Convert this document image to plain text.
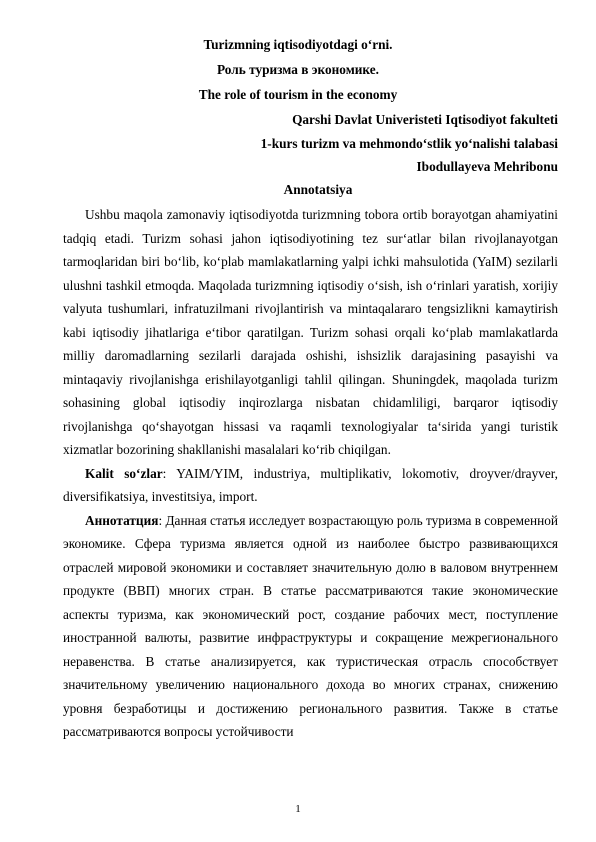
Turizmning iqtisodiyotdagi oʻrni.
Роль туризма в экономике.
The role of tourism in the economy
Qarshi Davlat Univeristeti Iqtisodiyot fakulteti
1-kurs turizm va mehmondoʻstlik yoʻnalishi talabasi
Ibodullayeva Mehribonu
Annotatsiya

Ushbu maqola zamonaviy iqtisodiyotda turizmning tobora ortib borayotgan ahamiyatini tadqiq etadi. Turizm sohasi jahon iqtisodiyotining tez surʻatlar bilan rivojlanayotgan tarmoqlaridan biri boʻlib, koʻplab mamlakatlarning yalpi ichki mahsulotida (YaIM) sezilarli ulushni tashkil etmoqda. Maqolada turizmning iqtisodiy oʻsish, ish oʻrinlari yaratish, xorijiy valyuta tushumlari, infratuzilmani rivojlantirish va mintaqalararo tengsizlikni kamaytirish kabi iqtisodiy jihatlariga eʻtibor qaratilgan. Turizm sohasi orqali koʻplab mamlakatlarda milliy daromadlarning sezilarli darajada oshishi, ishsizlik darajasining pasayishi va mintaqaviy rivojlanishga erishilayotganligi tahlil qilingan. Shuningdek, maqolada turizm sohasining global iqtisodiy inqirozlarga nisbatan chidamliligi, barqaror iqtisodiy rivojlanishga qoʻshayotgan hissasi va raqamli texnologiyalar taʻsirida yangi turistik xizmatlar bozorining shakllanishi masalalari koʻrib chiqilgan.

Kalit soʻzlar: YAIM/YIM, industriya, multiplikativ, lokomotiv, droyver/drayver, diversifikatsiya, investitsiya, import.

Аннотатция: Данная статья исследует возрастающую роль туризма в современной экономике. Сфера туризма является одной из наиболее быстро развивающихся отраслей мировой экономики и составляет значительную долю в валовом внутреннем продукте (ВВП) многих стран. В статье рассматриваются такие экономические аспекты туризма, как экономический рост, создание рабочих мест, поступление иностранной валюты, развитие инфраструктуры и сокращение межрегионального неравенства. В статье анализируется, как туристическая отрасль способствует значительному увеличению национального дохода во многих странах, снижению уровня безработицы и достижению регионального развития. Также в статье рассматриваются вопросы устойчивости

1
